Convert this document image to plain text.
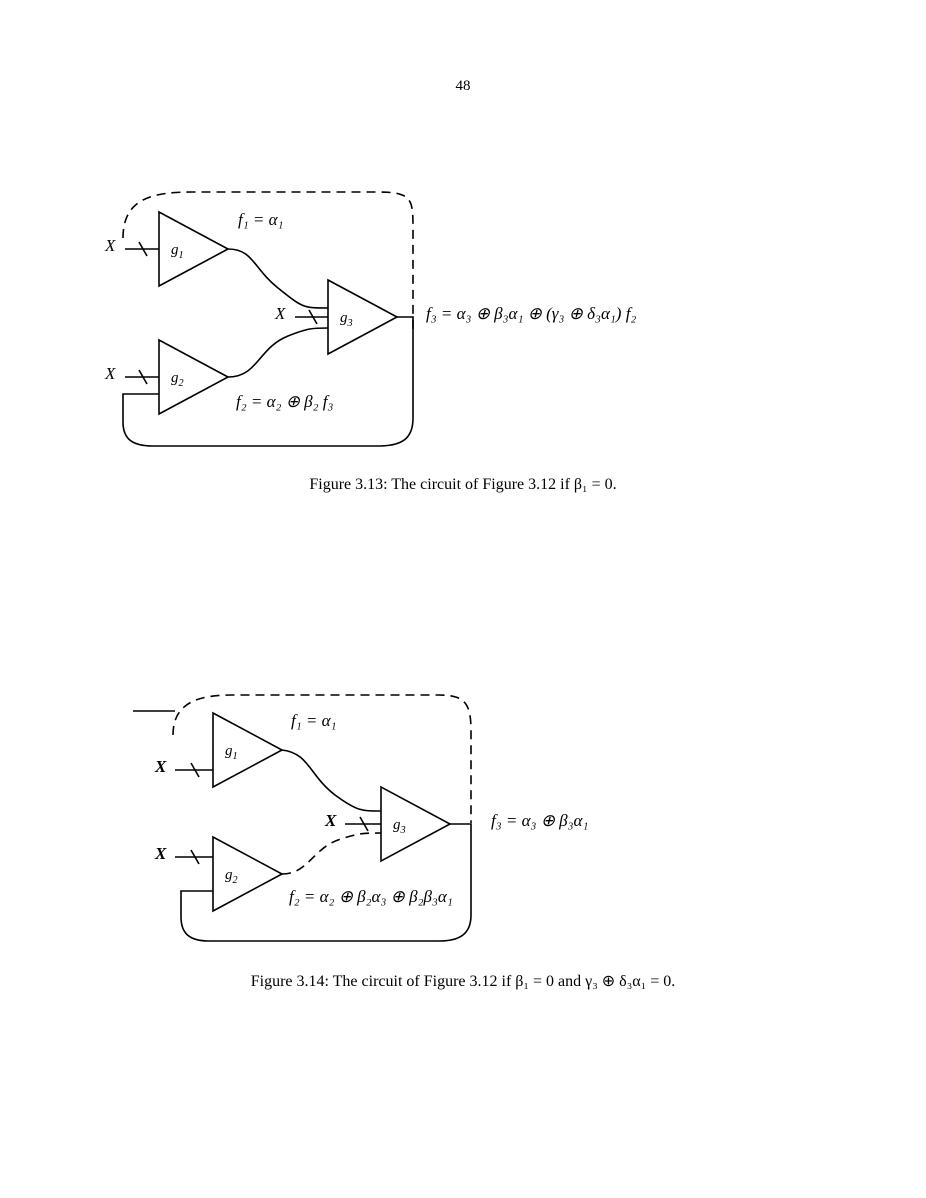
48
$g_1$
$g_2$
$g_3$
X
X
X
f₁ = α₁
f₂ = α₂ ⊕ β₂ f₃
f₃ = α₃ ⊕ β₃α₁ ⊕ (γ₃ ⊕ δ₃α₁) f₂
Figure 3.13: The circuit of Figure 3.12 if β₁ = 0.
$g_1$
$g_2$
$g_3$
X
X
X
f₁ = α₁
f₂ = α₂ ⊕ β₂α₃ ⊕ β₂β₃α₁
f₃ = α₃ ⊕ β₃α₁
Figure 3.14: The circuit of Figure 3.12 if β₁ = 0 and γ₃ ⊕ δ₃α₁ = 0.
